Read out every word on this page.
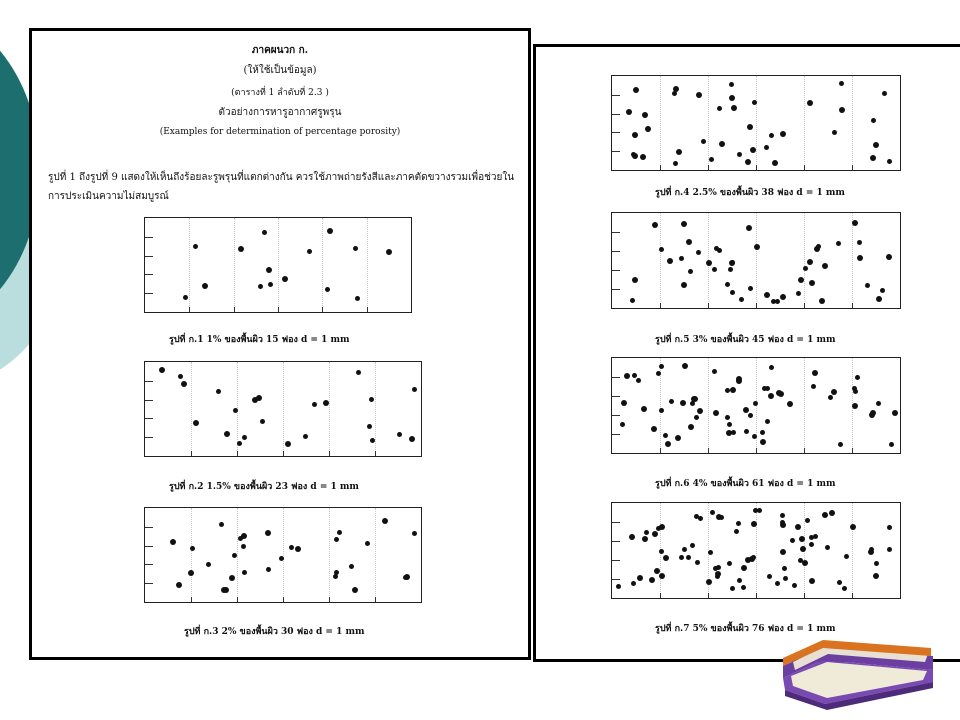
ภาคผนวก ก.
(ให้ใช้เป็นข้อมูล)
(ตารางที่ 1 ลำดับที่ 2.3 )
ตัวอย่างการหารูอากาศรูพรุน
(Examples for determination of percentage porosity)
รูปที่ 1 ถึงรูปที่ 9 แสดงให้เห็นถึงร้อยละรูพรุนที่แตกต่างกัน ควรใช้ภาพถ่ายรังสีและภาคตัดขวางรวมเพื่อช่วยในการประเมินความไม่สมบูรณ์
รูปที่ ก.1 1% ของพื้นผิว 15 ฟอง d = 1 mm
รูปที่ ก.2 1.5% ของพื้นผิว 23 ฟอง d = 1 mm
รูปที่ ก.3 2% ของพื้นผิว 30 ฟอง d = 1 mm
รูปที่ ก.4 2.5% ของพื้นผิว 38 ฟอง d = 1 mm
รูปที่ ก.5 3% ของพื้นผิว 45 ฟอง d = 1 mm
รูปที่ ก.6 4% ของพื้นผิว 61 ฟอง d = 1 mm
รูปที่ ก.7 5% ของพื้นผิว 76 ฟอง d = 1 mm
